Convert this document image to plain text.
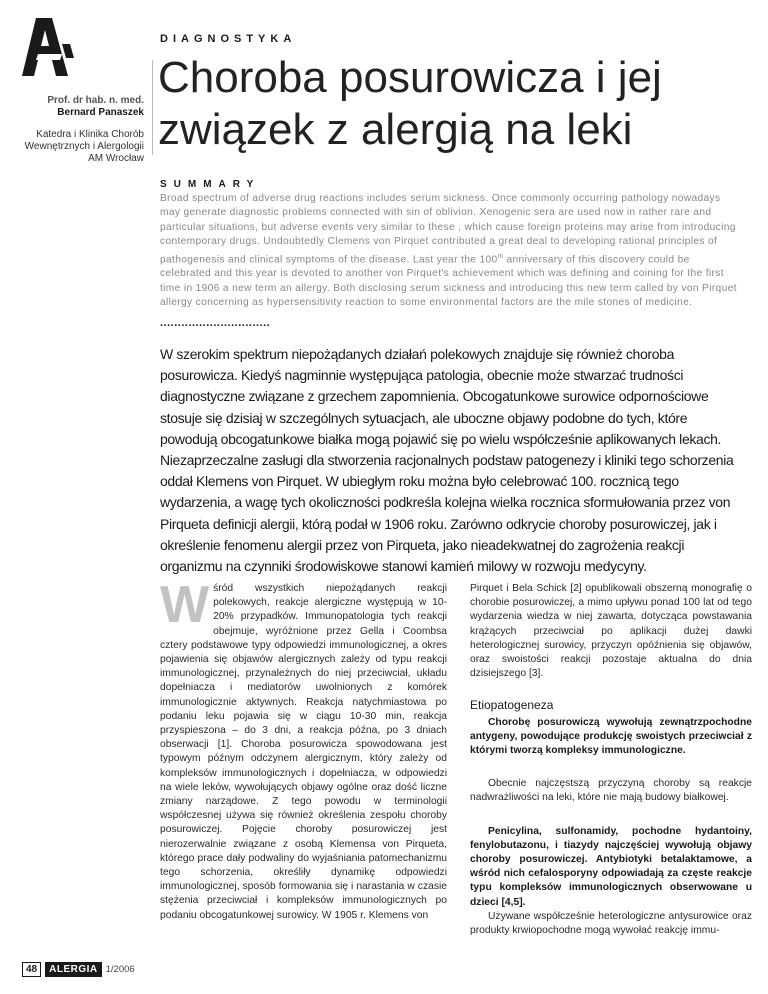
Prof. dr hab. n. med.
Bernard Panaszek
Katedra i Klinika Chorób
Wewnętrznych i Alergologii
AM Wrocław
DIAGNOSTYKA
Choroba posurowicza i jej
związek z alergią na leki
SUMMARY

Broad spectrum of adverse drug reactions includes serum sickness. Once commonly occurring pathology nowadays may generate diagnostic problems connected with sin of oblivion. Xenogenic sera are used now in rather rare and particular situations, but adverse events very similar to these , which cause foreign proteins may arise from introducing contemporary drugs. Undoubtedly Clemens von Pirquet contributed a great deal to developing rational principles of pathogenesis and clinical symptoms of the disease. Last year the 100th anniversary of this discovery could be celebrated and this year is devoted to another von Pirquet's achievement which was defining and coining for the first time in 1906 a new term an allergy. Both disclosing serum sickness and introducing this new term called by von Pirquet allergy concerning as hypersensitivity reaction to some environmental factors are the mile stones of medicine.

...............................

W szerokim spektrum niepożądanych działań polekowych znajduje się również choroba posurowicza. Kiedyś nagminnie występująca patologia, obecnie może stwarzać trudności diagnostyczne związane z grzechem zapomnienia. Obcogatunkowe surowice odpornościowe stosuje się dzisiaj w szczególnych sytuacjach, ale uboczne objawy podobne do tych, które powodują obcogatunkowe białka mogą pojawić się po wielu współcześnie aplikowanych lekach. Niezaprzeczalne zasługi dla stworzenia racjonalnych podstaw patogenezy i kliniki tego schorzenia oddał Klemens von Pirquet. W ubiegłym roku można było celebrować 100. rocznicą tego wydarzenia, a wagę tych okoliczności podkreśla kolejna wielka rocznica sformułowania przez von Pirqueta definicji alergii, którą podał w 1906 roku. Zarówno odkrycie choroby posurowiczej, jak i określenie fenomenu alergii przez von Pirqueta, jako nieadekwatnej do zagrożenia reakcji organizmu na czynniki środowiskowe stanowi kamień milowy w rozwoju medycyny.

Wśród wszystkich niepożądanych reakcji polekowych, reakcje alergiczne występują w 10-20% przypadków. Immunopatologia tych reakcji obejmuje, wyróżnione przez Gella i Coombsa cztery podstawowe typy odpowiedzi immunologicznej, a okres pojawienia się objawów alergicznych zależy od typu reakcji immunologicznej, przynależnych do niej przeciwciał, układu dopełniacza i mediatorów uwolnionych z komórek immunologicznie aktywnych. Reakcja natychmiastowa po podaniu leku pojawia się w ciągu 10-30 min, reakcja przyspieszona – do 3 dni, a reakcja późna, po 3 dniach obserwacji [1]. Choroba posurowicza spowodowana jest typowym późnym odczynem alergicznym, który zależy od kompleksów immunologicznych i dopełniacza, w odpowiedzi na wiele leków, wywołujących objawy ogólne oraz dość liczne zmiany narządowe. Z tego powodu w terminologii współczesnej używa się również określenia zespołu choroby posurowiczej. Pojęcie choroby posurowiczej jest nierozerwalnie związane z osobą Klemensa von Pirqueta, którego prace dały podwaliny do wyjaśniania patomechanizmu tego schorzenia, określiły dynamikę odpowiedzi immunologicznej, sposób formowania się i narastania w czasie stężenia przeciwciał i kompleksów immunologicznych po podaniu obcogatunkowej surowicy. W 1905 r. Klemens von

Pirquet i Bela Schick [2] opublikowali obszerną monografię o chorobie posurowiczej, a mimo upływu ponad 100 lat od tego wydarzenia wiedza w niej zawarta, dotycząca powstawania krążących przeciwciał po aplikacji dużej dawki heterologicznej surowicy, przyczyn opóźnienia się objawów, oraz swoistości reakcji pozostaje aktualna do dnia dzisiejszego [3].

Etiopatogeneza

Chorobę posurowiczą wywołują zewnątrzpochodne antygeny, powodujące produkcję swoistych przeciwciał z którymi tworzą kompleksy immunologiczne.

Obecnie najczęstszą przyczyną choroby są reakcje nadwrażliwości na leki, które nie mają budowy białkowej.

Penicylina, sulfonamidy, pochodne hydantoiny, fenylobutazonu, i tiazydy najczęściej wywołują objawy choroby posurowiczej. Antybiotyki betalaktamowe, a wśród nich cefalosporyny odpowiadają za częste reakcje typu kompleksów immunologicznych obserwowane u dzieci [4,5].

Używane współcześnie heterologiczne antysurowice oraz produkty krwiopochodne mogą wywołać reakcję immu-

48	ALERGIA 1/2006
